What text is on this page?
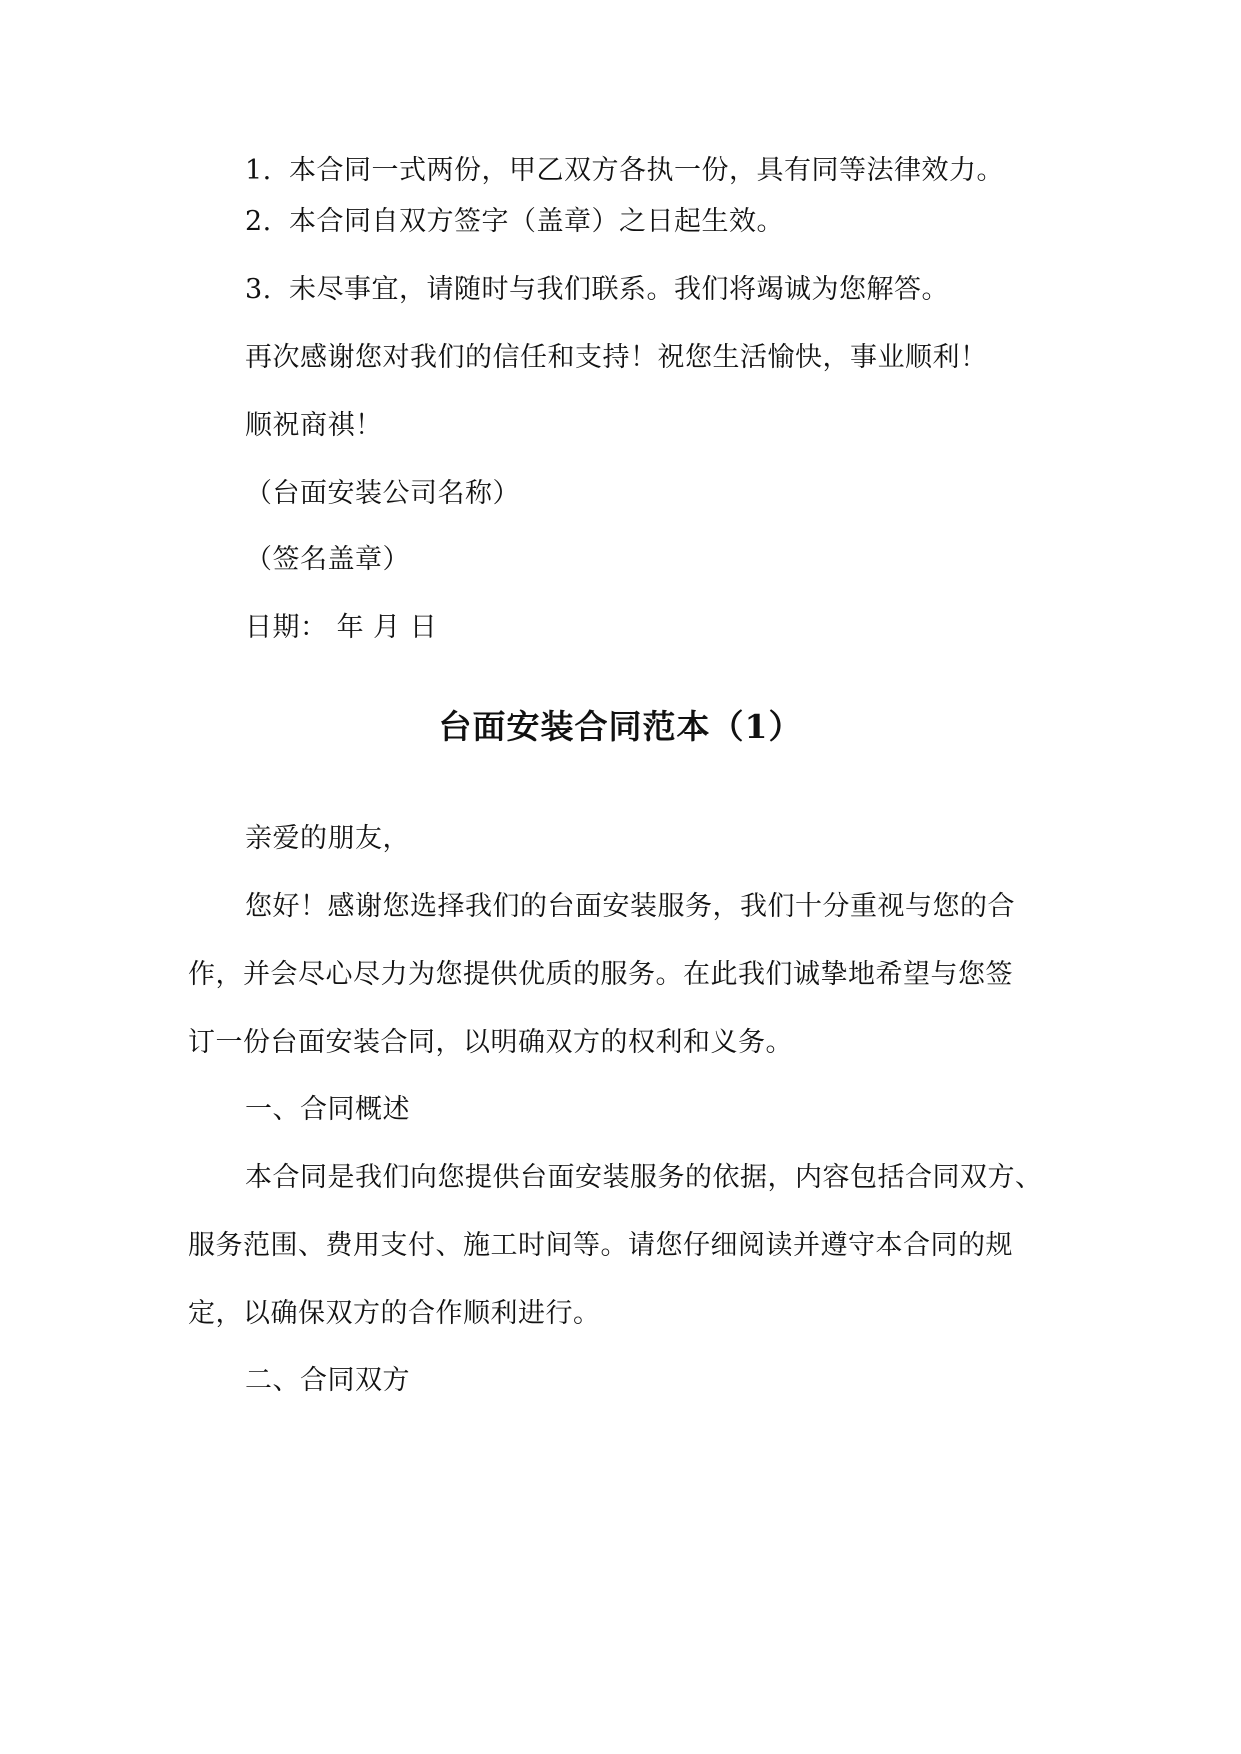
1. 本合同一式两份，甲乙双方各执一份，具有同等法律效力。
2. 本合同自双方签字（盖章）之日起生效。
3. 未尽事宜，请随时与我们联系。我们将竭诚为您解答。
再次感谢您对我们的信任和支持！祝您生活愉快，事业顺利！
顺祝商祺！
（台面安装公司名称）
（签名盖章）
日期： 年 月 日
台面安装合同范本（1）
亲爱的朋友，
您好！感谢您选择我们的台面安装服务，我们十分重视与您的合
作，并会尽心尽力为您提供优质的服务。在此我们诚挚地希望与您签
订一份台面安装合同，以明确双方的权利和义务。
一、合同概述
本合同是我们向您提供台面安装服务的依据，内容包括合同双方、
服务范围、费用支付、施工时间等。请您仔细阅读并遵守本合同的规
定，以确保双方的合作顺利进行。
二、合同双方
